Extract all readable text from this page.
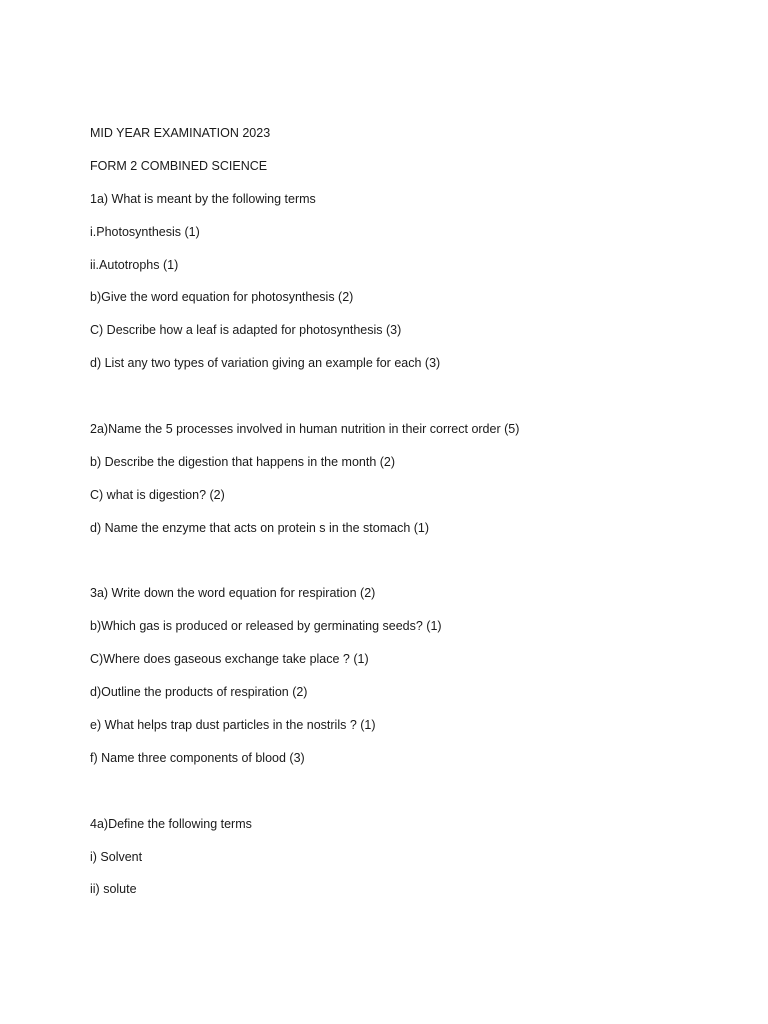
MID YEAR EXAMINATION 2023
FORM 2 COMBINED SCIENCE
1a) What is meant by the following terms
i.Photosynthesis (1)
ii.Autotrophs (1)
b)Give the word equation for photosynthesis (2)
C) Describe how a leaf is adapted for photosynthesis (3)
d) List any two types of variation giving an example for each (3)
2a)Name the 5 processes involved in human nutrition in their correct order (5)
b) Describe the digestion that happens in the month (2)
C) what is digestion? (2)
d) Name the enzyme that acts on protein s in the stomach (1)
3a) Write down the word equation for respiration (2)
b)Which gas is produced or released by germinating seeds? (1)
C)Where does gaseous exchange take place ? (1)
d)Outline the products of respiration (2)
e) What helps trap dust particles in the nostrils ? (1)
f) Name three components of blood (3)
4a)Define the following terms
i) Solvent
ii) solute
